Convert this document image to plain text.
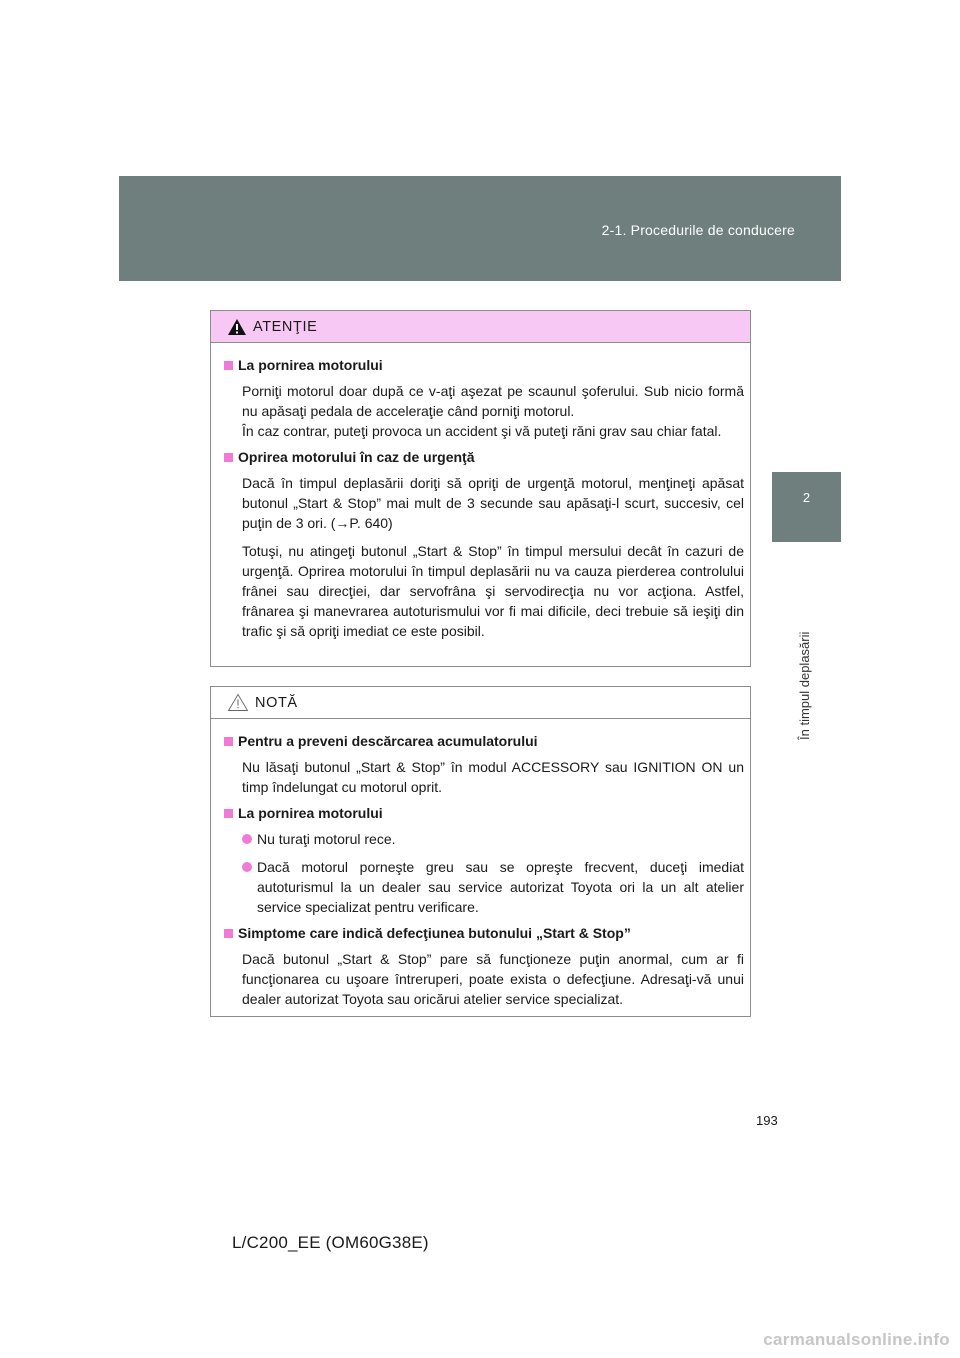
2-1. Procedurile de conducere
2
În timpul deplasării
ATENŢIE
La pornirea motorului

Porniţi motorul doar după ce v-aţi aşezat pe scaunul şoferului. Sub nicio formă nu apăsaţi pedala de acceleraţie când porniţi motorul.
În caz contrar, puteţi provoca un accident şi vă puteţi răni grav sau chiar fatal.

Oprirea motorului în caz de urgenţă

Dacă în timpul deplasării doriţi să opriţi de urgenţă motorul, menţineţi apăsat butonul „Start & Stop” mai mult de 3 secunde sau apăsaţi-l scurt, succesiv, cel puţin de 3 ori. (→P. 640)

Totuşi, nu atingeţi butonul „Start & Stop” în timpul mersului decât în cazuri de urgenţă. Oprirea motorului în timpul deplasării nu va cauza pierderea controlului frânei sau direcţiei, dar servofrâna şi servodirecţia nu vor acţiona. Astfel, frânarea şi manevrarea autoturismului vor fi mai dificile, deci trebuie să ieşiţi din trafic şi să opriţi imediat ce este posibil.

NOTĂ
Pentru a preveni descărcarea acumulatorului

Nu lăsaţi butonul „Start & Stop” în modul ACCESSORY sau IGNITION ON un timp îndelungat cu motorul oprit.

La pornirea motorului
Nu turaţi motorul rece.
Dacă motorul porneşte greu sau se opreşte frecvent, duceţi imediat autoturismul la un dealer sau service autorizat Toyota ori la un alt atelier service specializat pentru verificare.
Simptome care indică defecţiunea butonului „Start & Stop”

Dacă butonul „Start & Stop” pare să funcţioneze puţin anormal, cum ar fi funcţionarea cu uşoare întreruperi, poate exista o defecţiune. Adresaţi-vă unui dealer autorizat Toyota sau oricărui atelier service specializat.

193
L/C200_EE (OM60G38E)
carmanualsonline.info
